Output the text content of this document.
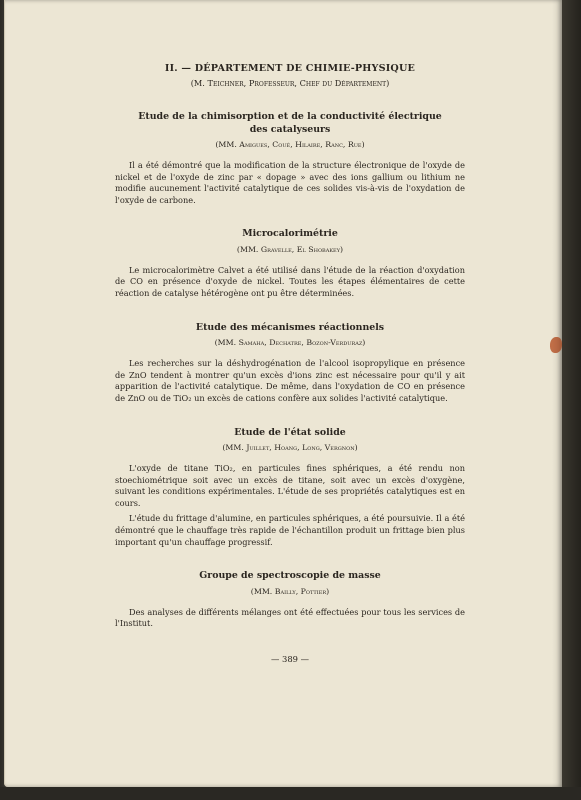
II. — DÉPARTEMENT DE CHIMIE-PHYSIQUE

(M. Teichner, Professeur, Chef du Département)

Etude de la chimisorption et de la conductivité électrique
des catalyseurs

(MM. Amigues, Coué, Hilaire, Ranc, Rue)

Il a été démontré que la modification de la structure électronique de l'oxyde de nickel et de l'oxyde de zinc par « dopage » avec des ions gallium ou lithium ne modifie aucunement l'activité catalytique de ces solides vis-à-vis de l'oxydation de l'oxyde de carbone.

Microcalorimétrie

(MM. Gravelle, El Shobakey)

Le microcalorimètre Calvet a été utilisé dans l'étude de la réaction d'oxydation de CO en présence d'oxyde de nickel. Toutes les étapes élémentaires de cette réaction de catalyse hétérogène ont pu être déterminées.

Etude des mécanismes réactionnels

(MM. Samaha, Dechatre, Bozon-Verduraz)

Les recherches sur la déshydrogénation de l'alcool isopropylique en présence de ZnO tendent à montrer qu'un excès d'ions zinc est nécessaire pour qu'il y ait apparition de l'activité catalytique. De même, dans l'oxydation de CO en présence de ZnO ou de TiO₂ un excès de cations confère aux solides l'activité catalytique.

Etude de l'état solide

(MM. Juillet, Hoang, Long, Vergnon)

L'oxyde de titane TiO₂, en particules fines sphériques, a été rendu non stoechiométrique soit avec un excès de titane, soit avec un excès d'oxygène, suivant les conditions expérimentales. L'étude de ses propriétés catalytiques est en cours.

L'étude du frittage d'alumine, en particules sphériques, a été poursuivie. Il a été démontré que le chauffage très rapide de l'échantillon produit un frittage bien plus important qu'un chauffage progressif.

Groupe de spectroscopie de masse

(MM. Bailly, Pottier)

Des analyses de différents mélanges ont été effectuées pour tous les services de l'Institut.

— 389 —
